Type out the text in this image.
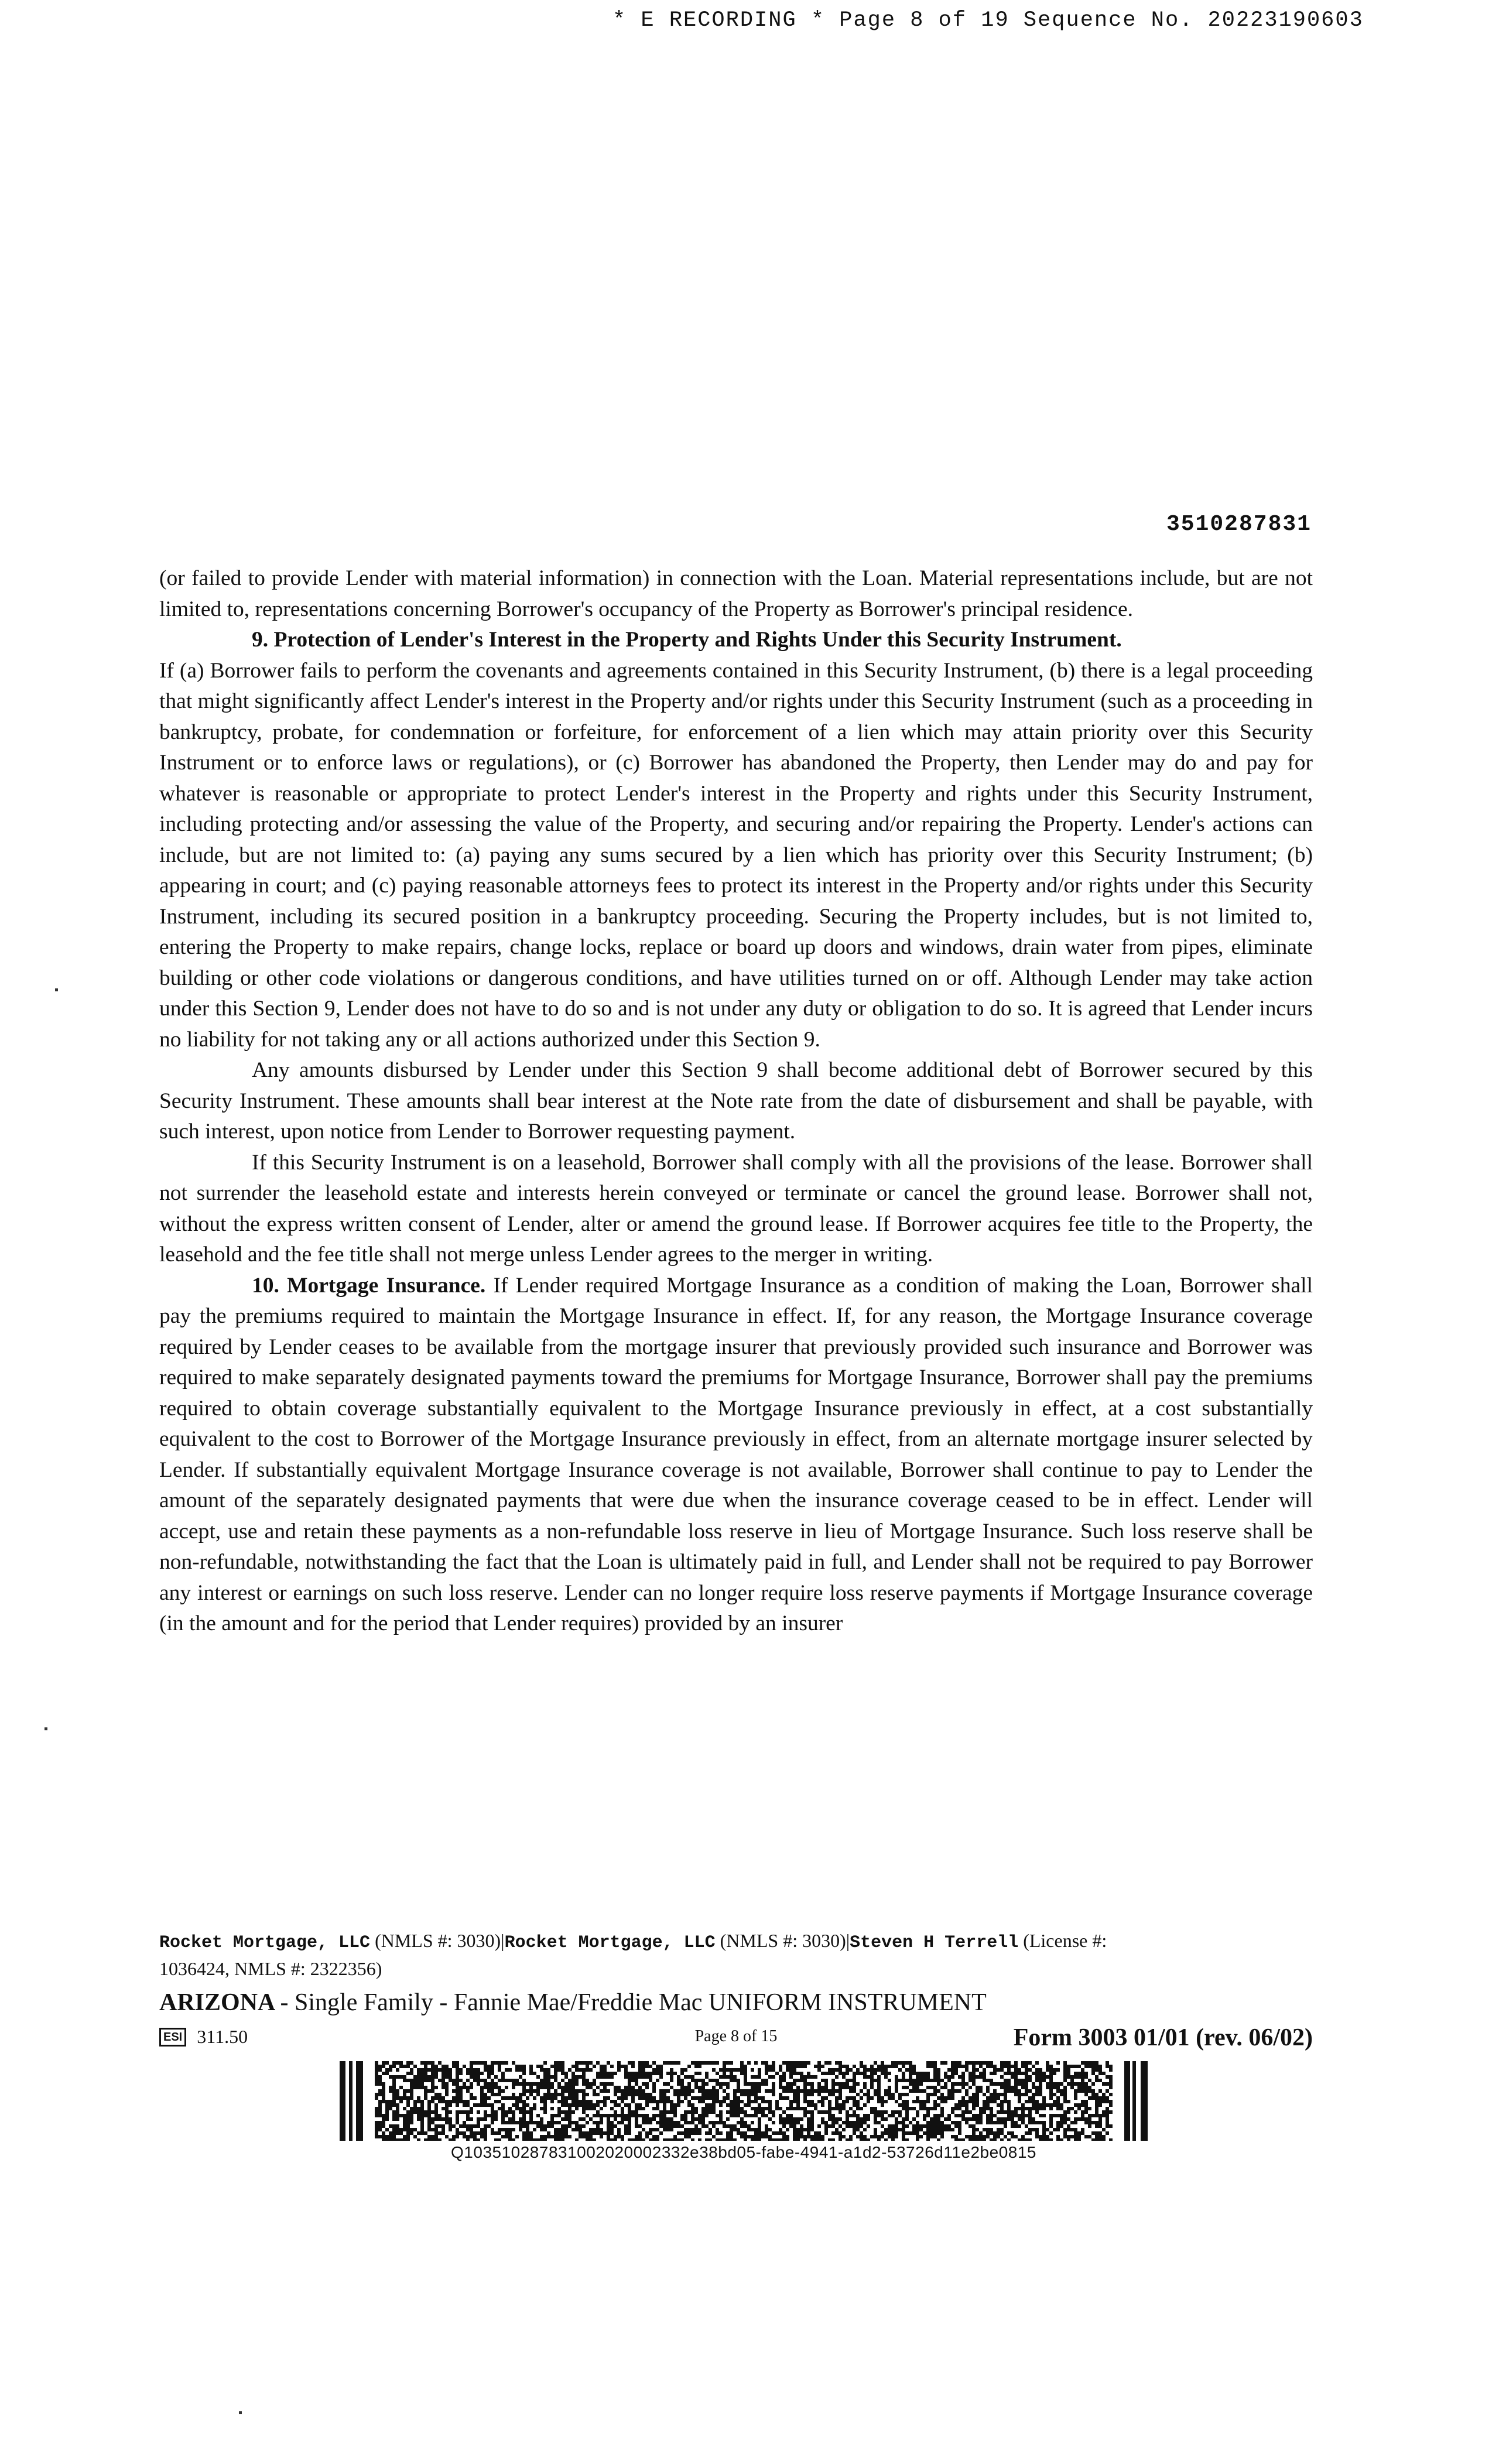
* E RECORDING * Page 8 of 19 Sequence No. 20223190603
3510287831

(or failed to provide Lender with material information) in connection with the Loan. Material representations include, but are not limited to, representations concerning Borrower's occupancy of the Property as Borrower's principal residence.

9. Protection of Lender's Interest in the Property and Rights Under this Security Instrument.

If (a) Borrower fails to perform the covenants and agreements contained in this Security Instrument, (b) there is a legal proceeding that might significantly affect Lender's interest in the Property and/or rights under this Security Instrument (such as a proceeding in bankruptcy, probate, for condemnation or forfeiture, for enforcement of a lien which may attain priority over this Security Instrument or to enforce laws or regulations), or (c) Borrower has abandoned the Property, then Lender may do and pay for whatever is reasonable or appropriate to protect Lender's interest in the Property and rights under this Security Instrument, including protecting and/or assessing the value of the Property, and securing and/or repairing the Property. Lender's actions can include, but are not limited to: (a) paying any sums secured by a lien which has priority over this Security Instrument; (b) appearing in court; and (c) paying reasonable attorneys fees to protect its interest in the Property and/or rights under this Security Instrument, including its secured position in a bankruptcy proceeding. Securing the Property includes, but is not limited to, entering the Property to make repairs, change locks, replace or board up doors and windows, drain water from pipes, eliminate building or other code violations or dangerous conditions, and have utilities turned on or off. Although Lender may take action under this Section 9, Lender does not have to do so and is not under any duty or obligation to do so. It is agreed that Lender incurs no liability for not taking any or all actions authorized under this Section 9.

Any amounts disbursed by Lender under this Section 9 shall become additional debt of Borrower secured by this Security Instrument. These amounts shall bear interest at the Note rate from the date of disbursement and shall be payable, with such interest, upon notice from Lender to Borrower requesting payment.

If this Security Instrument is on a leasehold, Borrower shall comply with all the provisions of the lease. Borrower shall not surrender the leasehold estate and interests herein conveyed or terminate or cancel the ground lease. Borrower shall not, without the express written consent of Lender, alter or amend the ground lease. If Borrower acquires fee title to the Property, the leasehold and the fee title shall not merge unless Lender agrees to the merger in writing.

10. Mortgage Insurance. If Lender required Mortgage Insurance as a condition of making the Loan, Borrower shall pay the premiums required to maintain the Mortgage Insurance in effect. If, for any reason, the Mortgage Insurance coverage required by Lender ceases to be available from the mortgage insurer that previously provided such insurance and Borrower was required to make separately designated payments toward the premiums for Mortgage Insurance, Borrower shall pay the premiums required to obtain coverage substantially equivalent to the Mortgage Insurance previously in effect, at a cost substantially equivalent to the cost to Borrower of the Mortgage Insurance previously in effect, from an alternate mortgage insurer selected by Lender. If substantially equivalent Mortgage Insurance coverage is not available, Borrower shall continue to pay to Lender the amount of the separately designated payments that were due when the insurance coverage ceased to be in effect. Lender will accept, use and retain these payments as a non-refundable loss reserve in lieu of Mortgage Insurance. Such loss reserve shall be non-refundable, notwithstanding the fact that the Loan is ultimately paid in full, and Lender shall not be required to pay Borrower any interest or earnings on such loss reserve. Lender can no longer require loss reserve payments if Mortgage Insurance coverage (in the amount and for the period that Lender requires) provided by an insurer

Rocket Mortgage, LLC (NMLS #: 3030)|Rocket Mortgage, LLC (NMLS #: 3030)|Steven H Terrell (License #:
1036424, NMLS #: 2322356)
ARIZONA - Single Family - Fannie Mae/Freddie Mac UNIFORM INSTRUMENT
ESI 311.50	Page 8 of 15	Form 3003 01/01 (rev. 06/02)
Q10351028783100202000233​2e38bd05-fabe-4941-a1d2-53726d11e2be0815
